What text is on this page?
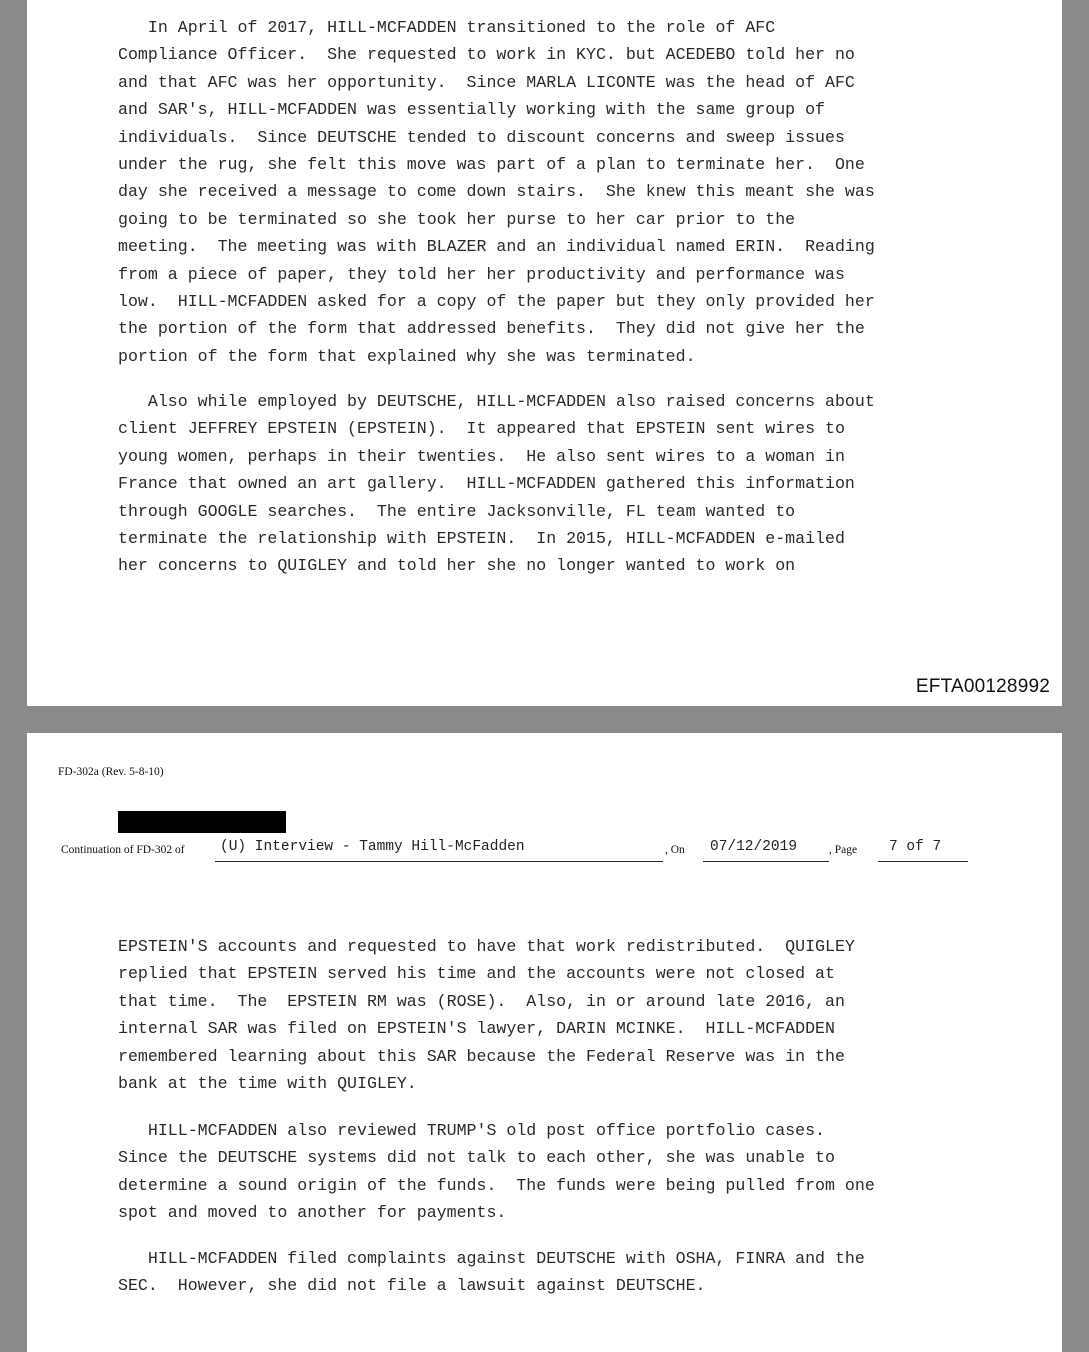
In April of 2017, HILL-MCFADDEN transitioned to the role of AFC
Compliance Officer.  She requested to work in KYC. but ACEDEBO told her no
and that AFC was her opportunity.  Since MARLA LICONTE was the head of AFC
and SAR's, HILL-MCFADDEN was essentially working with the same group of
individuals.  Since DEUTSCHE tended to discount concerns and sweep issues
under the rug, she felt this move was part of a plan to terminate her.  One
day she received a message to come down stairs.  She knew this meant she was
going to be terminated so she took her purse to her car prior to the
meeting.  The meeting was with BLAZER and an individual named ERIN.  Reading
from a piece of paper, they told her her productivity and performance was
low.  HILL-MCFADDEN asked for a copy of the paper but they only provided her
the portion of the form that addressed benefits.  They did not give her the
portion of the form that explained why she was terminated.

Also while employed by DEUTSCHE, HILL-MCFADDEN also raised concerns about
client JEFFREY EPSTEIN (EPSTEIN).  It appeared that EPSTEIN sent wires to
young women, perhaps in their twenties.  He also sent wires to a woman in
France that owned an art gallery.  HILL-MCFADDEN gathered this information
through GOOGLE searches.  The entire Jacksonville, FL team wanted to
terminate the relationship with EPSTEIN.  In 2015, HILL-MCFADDEN e-mailed
her concerns to QUIGLEY and told her she no longer wanted to work on

EFTA00128992
FD-302a (Rev. 5-8-10)
Continuation of FD-302 of (U) Interview - Tammy Hill-McFadden	, On 07/12/2019	, Page 7 of 7

EPSTEIN'S accounts and requested to have that work redistributed.  QUIGLEY
replied that EPSTEIN served his time and the accounts were not closed at
that time.  The  EPSTEIN RM was (ROSE).  Also, in or around late 2016, an
internal SAR was filed on EPSTEIN'S lawyer, DARIN MCINKE.  HILL-MCFADDEN
remembered learning about this SAR because the Federal Reserve was in the
bank at the time with QUIGLEY.

HILL-MCFADDEN also reviewed TRUMP'S old post office portfolio cases.
Since the DEUTSCHE systems did not talk to each other, she was unable to
determine a sound origin of the funds.  The funds were being pulled from one
spot and moved to another for payments.

HILL-MCFADDEN filed complaints against DEUTSCHE with OSHA, FINRA and the
SEC.  However, she did not file a lawsuit against DEUTSCHE.
